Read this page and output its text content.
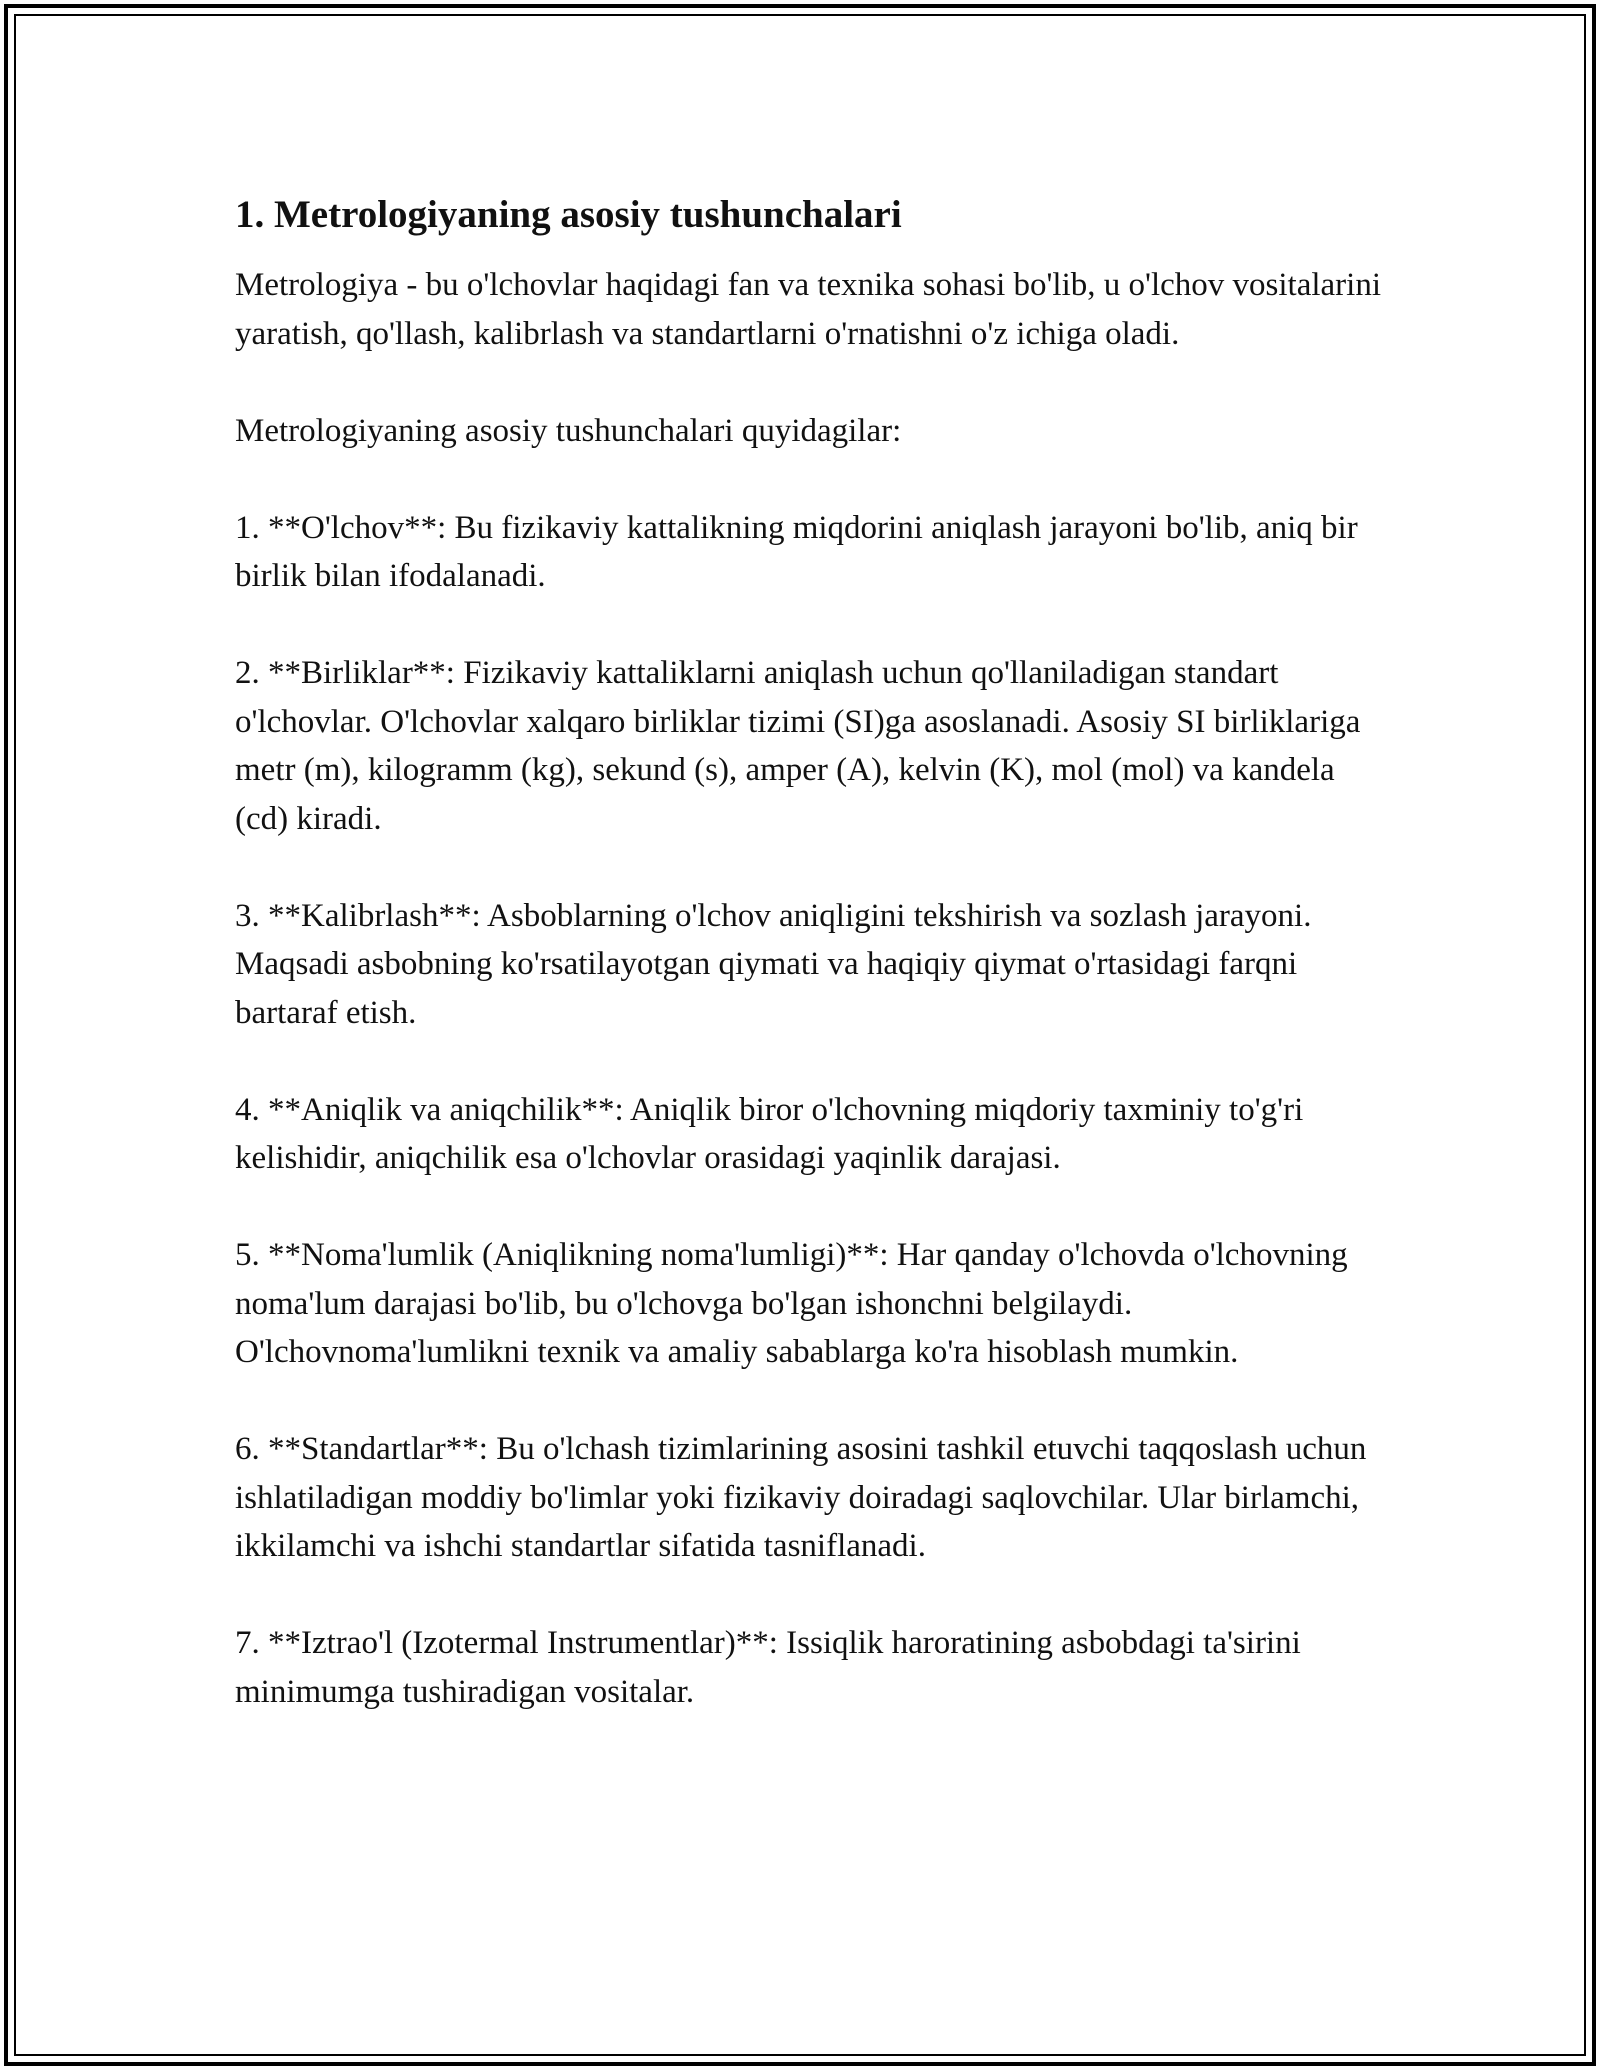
1. Metrologiyaning asosiy tushunchalari

Metrologiya - bu o'lchovlar haqidagi fan va texnika sohasi bo'lib, u o'lchov vositalarini yaratish, qo'llash, kalibrlash va standartlarni o'rnatishni o'z ichiga oladi.

Metrologiyaning asosiy tushunchalari quyidagilar:

1. **O'lchov**: Bu fizikaviy kattalikning miqdorini aniqlash jarayoni bo'lib, aniq bir birlik bilan ifodalanadi.

2. **Birliklar**: Fizikaviy kattaliklarni aniqlash uchun qo'llaniladigan standart o'lchovlar. O'lchovlar xalqaro birliklar tizimi (SI)ga asoslanadi. Asosiy SI birliklariga metr (m), kilogramm (kg), sekund (s), amper (A), kelvin (K), mol (mol) va kandela (cd) kiradi.

3. **Kalibrlash**: Asboblarning o'lchov aniqligini tekshirish va sozlash jarayoni. Maqsadi asbobning ko'rsatilayotgan qiymati va haqiqiy qiymat o'rtasidagi farqni bartaraf etish.

4. **Aniqlik va aniqchilik**: Aniqlik biror o'lchovning miqdoriy taxminiy to'g'ri kelishidir, aniqchilik esa o'lchovlar orasidagi yaqinlik darajasi.

5. **Noma'lumlik (Aniqlikning noma'lumligi)**: Har qanday o'lchovda o'lchovning noma'lum darajasi bo'lib, bu o'lchovga bo'lgan ishonchni belgilaydi. O'lchovnoma'lumlikni texnik va amaliy sabablarga ko'ra hisoblash mumkin.

6. **Standartlar**: Bu o'lchash tizimlarining asosini tashkil etuvchi taqqoslash uchun ishlatiladigan moddiy bo'limlar yoki fizikaviy doiradagi saqlovchilar. Ular birlamchi, ikkilamchi va ishchi standartlar sifatida tasniflanadi.

7. **Iztrao'l (Izotermal Instrumentlar)**: Issiqlik haroratining asbobdagi ta'sirini minimumga tushiradigan vositalar.
